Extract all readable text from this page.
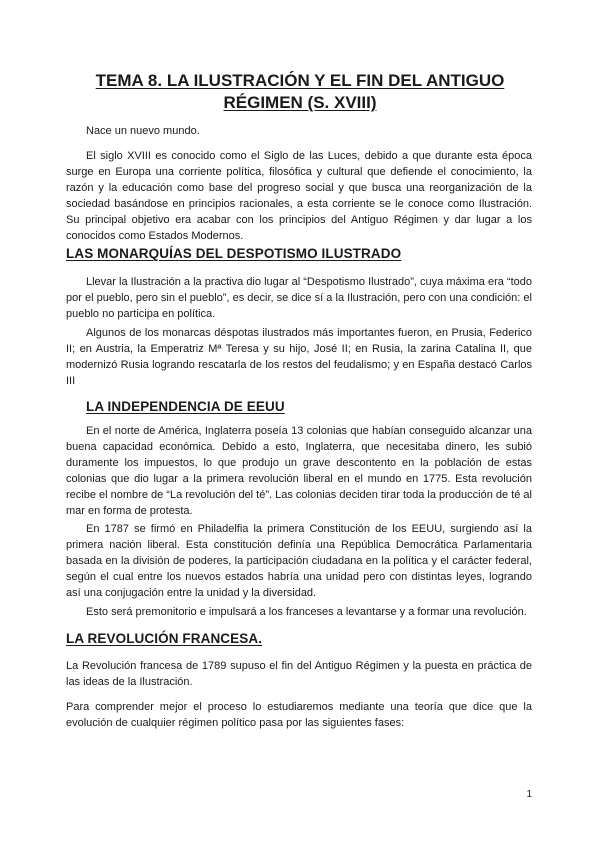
TEMA 8. LA ILUSTRACIÓN Y EL FIN DEL ANTIGUO
RÉGIMEN (S. XVIII)

Nace un nuevo mundo.

El siglo XVIII es conocido como el Siglo de las Luces, debido a que durante esta época surge en Europa una corriente política, filosófica y cultural que defiende el conocimiento, la razón y la educación como base del progreso social y que busca una reorganización de la sociedad basándose en principios racionales, a esta corriente se le conoce como Ilustración. Su principal objetivo era acabar con los principios del Antiguo Régimen y dar lugar a los conocidos como Estados Modernos.

LAS MONARQUÍAS DEL DESPOTISMO ILUSTRADO

Llevar la Ilustración a la practiva dio lugar al “Despotismo Ilustrado”, cuya máxima era “todo por el pueblo, pero sin el pueblo”, es decir, se dice sí a la Ilustración, pero con una condición: el pueblo no participa en política.

Algunos de los monarcas déspotas ilustrados más importantes fueron, en Prusia, Federico II; en Austria, la Emperatriz Mª Teresa y su hijo, José II; en Rusia, la zarina Catalina II, que modernizó Rusia logrando rescatarla de los restos del feudalismo; y en España destacó Carlos III

LA INDEPENDENCIA DE EEUU

En el norte de América, Inglaterra poseía 13 colonias que habían conseguido alcanzar una buena capacidad económica. Debido a esto, Inglaterra, que necesitaba dinero, les subió duramente los impuestos, lo que produjo un grave descontento en la población de estas colonias que dio lugar a la primera revolución liberal en el mundo en 1775. Esta revolución recibe el nombre de “La revolución del té”. Las colonias deciden tirar toda la producción de té al mar en forma de protesta.

En 1787 se firmó en Philadelfia la primera Constitución de los EEUU, surgiendo así la primera nación liberal. Esta constitución definía una República Democrática Parlamentaria basada en la división de poderes, la participación ciudadana en la política y el carácter federal, según el cual entre los nuevos estados habría una unidad pero con distintas leyes, logrando así una conjugación entre la unidad y la diversidad.

Esto será premonitorio e impulsará a los franceses a levantarse y a formar una revolución.

LA REVOLUCIÓN FRANCESA.

La Revolución francesa de 1789 supuso el fin del Antiguo Régimen y la puesta en práctica de las ideas de la Ilustración.

Para comprender mejor el proceso lo estudiaremos mediante una teoría que dice que la evolución de cualquier régimen político pasa por las siguientes fases:

1
